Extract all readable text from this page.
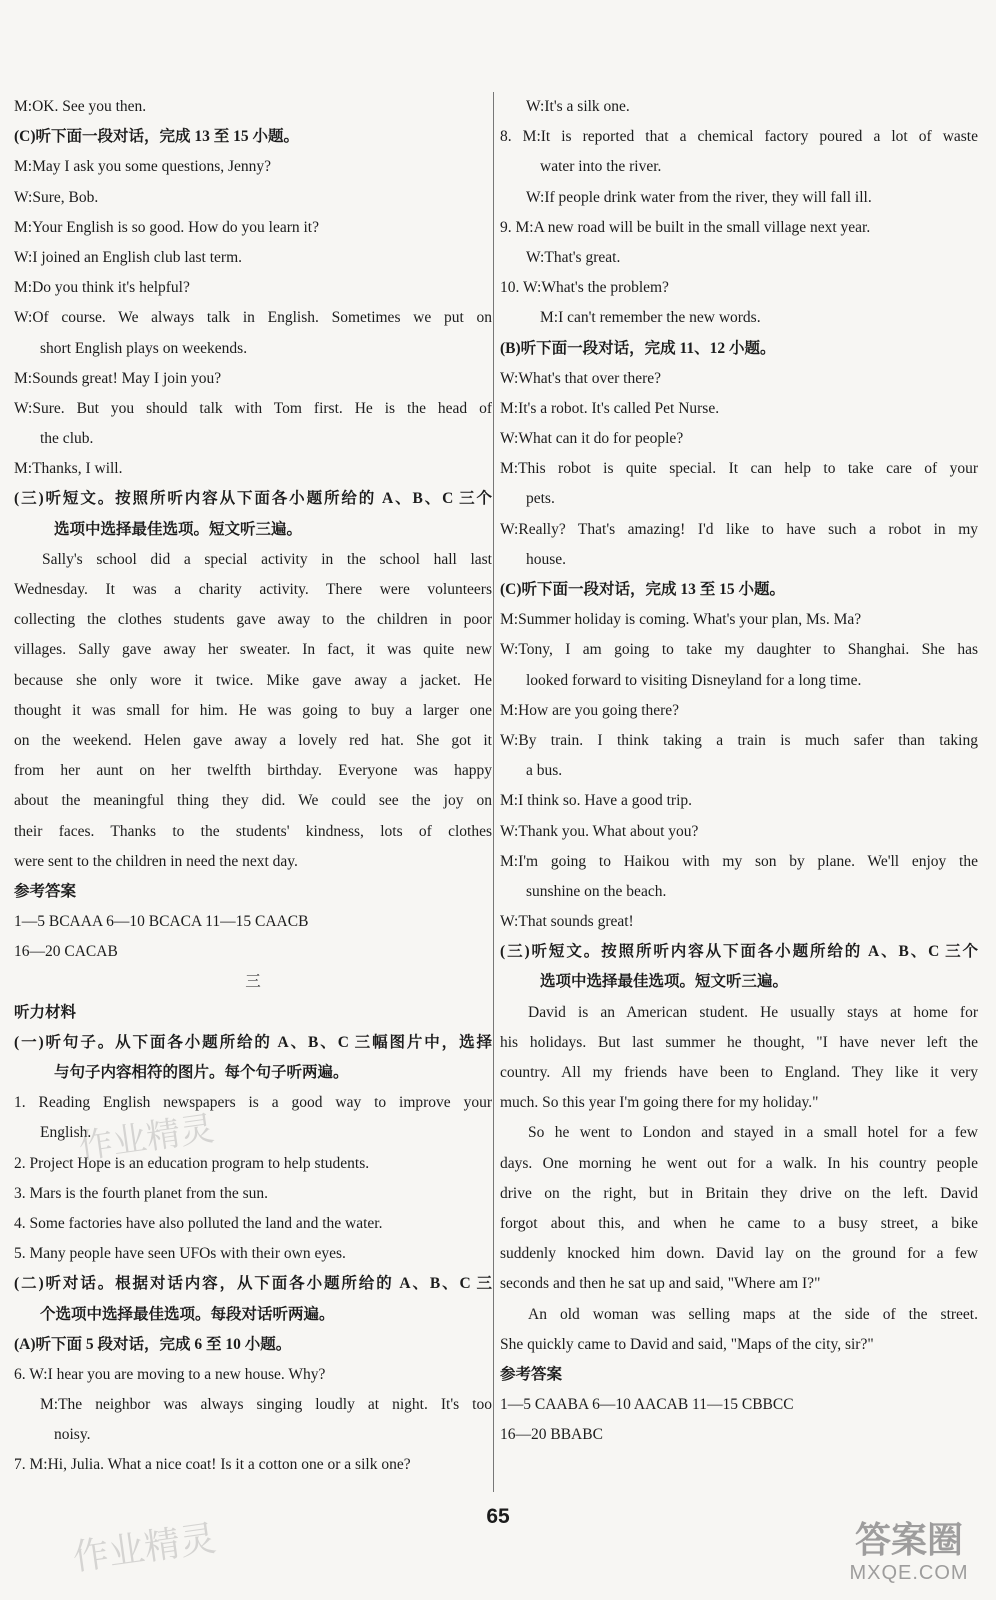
M:OK. See you then.
(C)听下面一段对话，完成 13 至 15 小题。
M:May I ask you some questions, Jenny?
W:Sure, Bob.
M:Your English is so good. How do you learn it?
W:I joined an English club last term.
M:Do you think it's helpful?
W:Of course. We always talk in English. Sometimes we put on
short English plays on weekends.
M:Sounds great! May I join you?
W:Sure. But you should talk with Tom first. He is the head of
the club.
M:Thanks, I will.
(三)听短文。按照所听内容从下面各小题所给的 A、B、C 三个
选项中选择最佳选项。短文听三遍。
Sally's school did a special activity in the school hall last
Wednesday. It was a charity activity. There were volunteers
collecting the clothes students gave away to the children in poor
villages. Sally gave away her sweater. In fact, it was quite new
because she only wore it twice. Mike gave away a jacket. He
thought it was small for him. He was going to buy a larger one
on the weekend. Helen gave away a lovely red hat. She got it
from her aunt on her twelfth birthday. Everyone was happy
about the meaningful thing they did. We could see the joy on
their faces. Thanks to the students' kindness, lots of clothes
were sent to the children in need the next day.
参考答案
1—5 BCAAA 6—10 BCACA 11—15 CAACB
16—20 CACAB
三
听力材料
(一)听句子。从下面各小题所给的 A、B、C 三幅图片中，选择
与句子内容相符的图片。每个句子听两遍。
1. Reading English newspapers is a good way to improve your
English.
2. Project Hope is an education program to help students.
3. Mars is the fourth planet from the sun.
4. Some factories have also polluted the land and the water.
5. Many people have seen UFOs with their own eyes.
(二)听对话。根据对话内容，从下面各小题所给的 A、B、C 三
个选项中选择最佳选项。每段对话听两遍。
(A)听下面 5 段对话，完成 6 至 10 小题。
6. W:I hear you are moving to a new house. Why?
M:The neighbor was always singing loudly at night. It's too
noisy.
7. M:Hi, Julia. What a nice coat! Is it a cotton one or a silk one?
W:It's a silk one.
8. M:It is reported that a chemical factory poured a lot of waste
water into the river.
W:If people drink water from the river, they will fall ill.
9. M:A new road will be built in the small village next year.
W:That's great.
10. W:What's the problem?
M:I can't remember the new words.
(B)听下面一段对话，完成 11、12 小题。
W:What's that over there?
M:It's a robot. It's called Pet Nurse.
W:What can it do for people?
M:This robot is quite special. It can help to take care of your
pets.
W:Really? That's amazing! I'd like to have such a robot in my
house.
(C)听下面一段对话，完成 13 至 15 小题。
M:Summer holiday is coming. What's your plan, Ms. Ma?
W:Tony, I am going to take my daughter to Shanghai. She has
looked forward to visiting Disneyland for a long time.
M:How are you going there?
W:By train. I think taking a train is much safer than taking
a bus.
M:I think so. Have a good trip.
W:Thank you. What about you?
M:I'm going to Haikou with my son by plane. We'll enjoy the
sunshine on the beach.
W:That sounds great!
(三)听短文。按照所听内容从下面各小题所给的 A、B、C 三个
选项中选择最佳选项。短文听三遍。
David is an American student. He usually stays at home for
his holidays. But last summer he thought, "I have never left the
country. All my friends have been to England. They like it very
much. So this year I'm going there for my holiday."
So he went to London and stayed in a small hotel for a few
days. One morning he went out for a walk. In his country people
drive on the right, but in Britain they drive on the left. David
forgot about this, and when he came to a busy street, a bike
suddenly knocked him down. David lay on the ground for a few
seconds and then he sat up and said, "Where am I?"
An old woman was selling maps at the side of the street.
She quickly came to David and said, "Maps of the city, sir?"
参考答案
1—5 CAABA 6—10 AACAB 11—15 CBBCC
16—20 BBABC
65
作业精灵
作业精灵	答案圈
MXQE.COM
